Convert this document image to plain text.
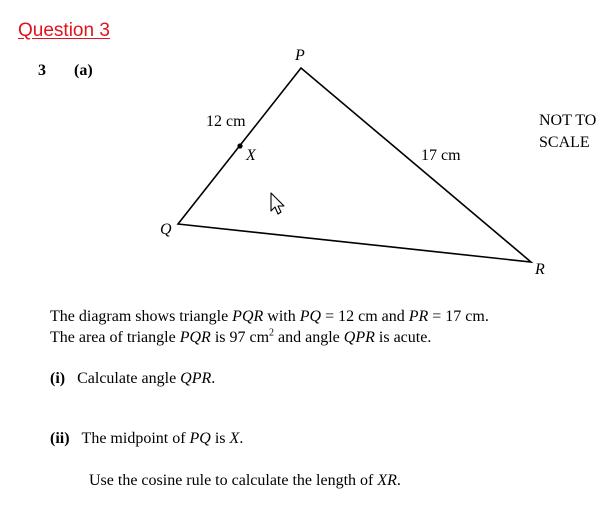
Question 3
3 (a)
P
Q
R
X
12 cm
17 cm
NOT TO
SCALE
The diagram shows triangle PQR with PQ = 12 cm and PR = 17 cm.
The area of triangle PQR is 97 $cm^2$ and angle QPR is acute.
(i) Calculate angle QPR.
(ii) The midpoint of PQ is X.
Use the cosine rule to calculate the length of XR.
